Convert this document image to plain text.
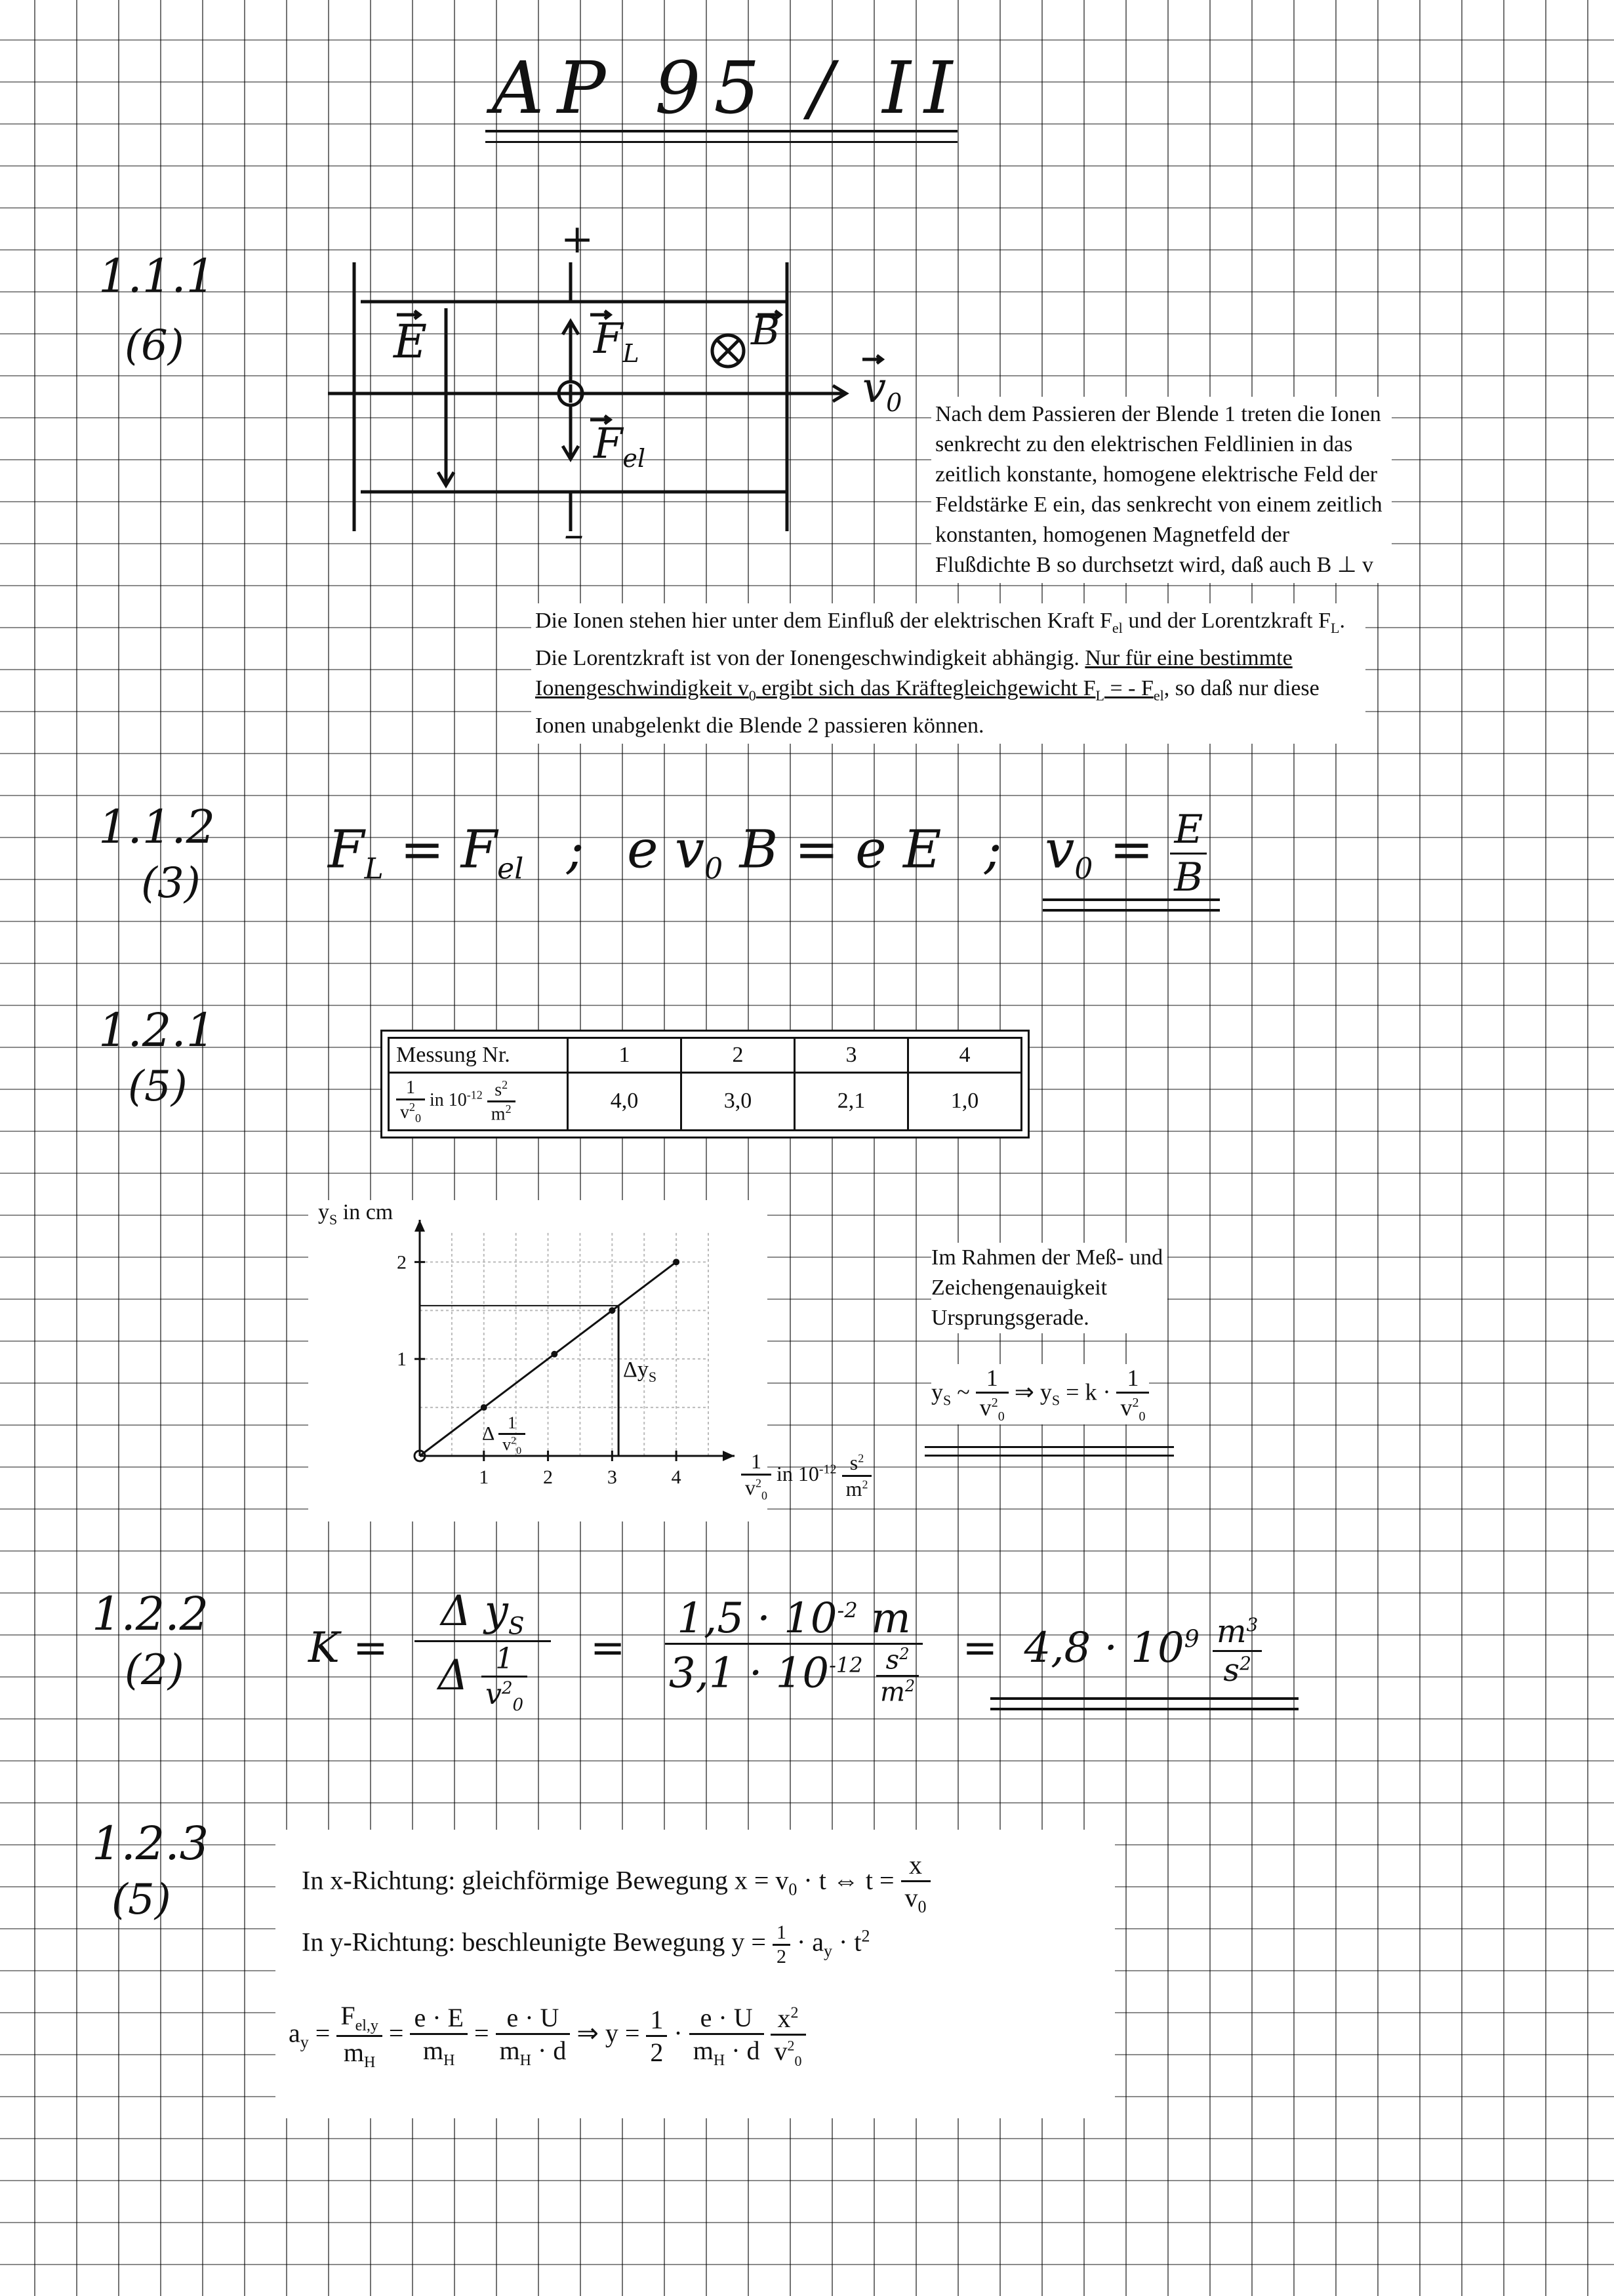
AP 95 / II
1.1.1
(6)
1.1.2
(3)
1.2.1
(5)
1.2.2
(2)
1.2.3
(5)
+
–
E	$F_L$	B
$F_{el}$
$v_0$ Nach dem Passieren der Blende 1 treten die Ionen senkrecht zu den elektrischen Feldlinien in das zeitlich konstante, homogene elektrische Feld der Feldstärke E ein, das senkrecht von einem zeitlich konstanten, homogenen Magnetfeld der Flußdichte B so durchsetzt wird, daß auch B ⊥ v
Die Ionen stehen hier unter dem Einfluß der elektrischen Kraft $F_{el}$ und der Lorentzkraft $F_L$. Die Lorentzkraft ist von der Ionengeschwindigkeit abhängig. Nur für eine bestimmte Ionengeschwindigkeit $v_0$ ergibt sich das Kräftegleichgewicht $F_L$ = - $F_{el}$, so daß nur diese Ionen unabgelenkt die Blende 2 passieren können.
$F_L = F_{el}$ ; e $v_0$ B = e E ; $v_0 = \frac{E}{B}$
Messung Nr.	1	2	3	4

$\frac{1}{v^2_0}$ in $10^{-12} \frac{s^2}{m^2}$	4,0	3,0	2,1	1,0
1	2	3	4
1
2
$y_S$ in cm
$\Delta y_S$
Δ $\frac{1}{v^2_0}$
$\frac{1}{v^2_0}$ in $10^{-12} \frac{s^2}{m^2}$
Im Rahmen der Meß- und Zeichengenauigkeit Ursprungsgerade.
$y_S$ ~ $\frac{1}{v^2_0}$ ⇒ $y_S = k \cdot \frac{1}{v^2_0}$
$K = \frac{\Delta y_S}{\Delta \frac{1}{v^2_0}} = \frac{1,5 \cdot 10^{-2} m}{3,1 \cdot 10^{-12} \frac{s^2}{m^2}} = 4,8 \cdot 10^9 \frac{m^3}{s^2}$
In x-Richtung: gleichförmige Bewegung $x = v_0 \cdot t$ ⇔ $t = \frac{x}{v_0}$
In y-Richtung: beschleunigte Bewegung $y = \frac{1}{2} \cdot a_y \cdot t^2$
$a_y = \frac{F_{el,y}}{m_H} = \frac{e \cdot E}{m_H} = \frac{e \cdot U}{m_H \cdot d}$ ⇒ $y = \frac{1}{2} \cdot \frac{e \cdot U}{m_H \cdot d}$
$\frac{x^2}{v^2_0}$
